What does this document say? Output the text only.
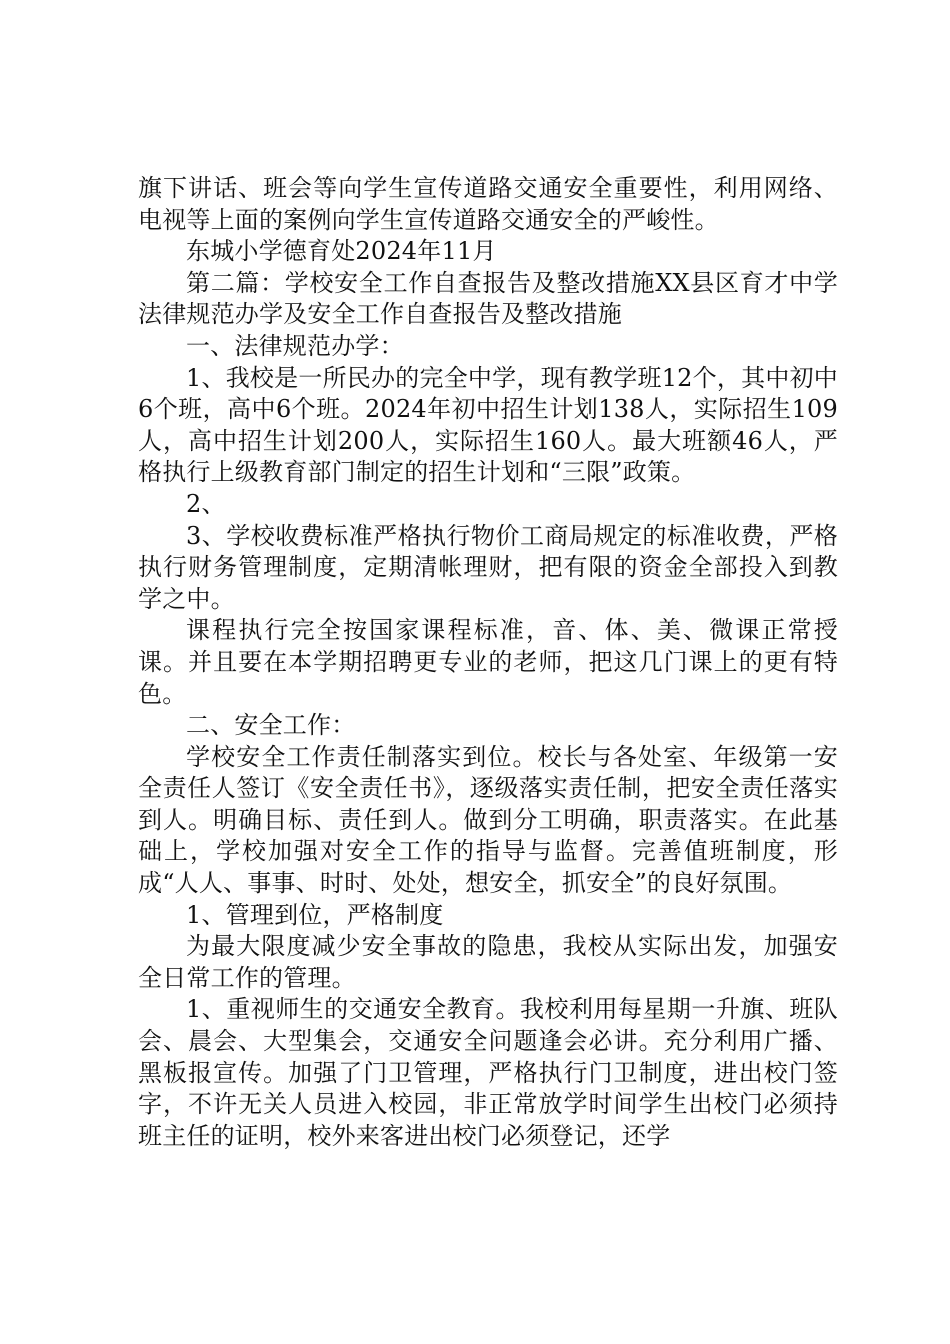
旗下讲话、班会等向学生宣传道路交通安全重要性，利用网络、电视等上面的案例向学生宣传道路交通安全的严峻性。

东城小学德育处2024年11月

第二篇：学校安全工作自查报告及整改措施XX县区育才中学法律规范办学及安全工作自查报告及整改措施

一、法律规范办学：

1、我校是一所民办的完全中学，现有教学班12个，其中初中6个班，高中6个班。2024年初中招生计划138人，实际招生109人，高中招生计划200人，实际招生160人。最大班额46人，严格执行上级教育部门制定的招生计划和“三限”政策。

2、

3、学校收费标准严格执行物价工商局规定的标准收费，严格执行财务管理制度，定期清帐理财，把有限的资金全部投入到教学之中。

课程执行完全按国家课程标准，音、体、美、微课正常授课。并且要在本学期招聘更专业的老师，把这几门课上的更有特色。

二、安全工作：

学校安全工作责任制落实到位。校长与各处室、年级第一安全责任人签订《安全责任书》，逐级落实责任制，把安全责任落实到人。明确目标、责任到人。做到分工明确，职责落实。在此基础上，学校加强对安全工作的指导与监督。完善值班制度，形成“人人、事事、时时、处处，想安全，抓安全”的良好氛围。

1、管理到位，严格制度

为最大限度减少安全事故的隐患，我校从实际出发，加强安全日常工作的管理。

1、重视师生的交通安全教育。我校利用每星期一升旗、班队会、晨会、大型集会，交通安全问题逢会必讲。充分利用广播、黑板报宣传。加强了门卫管理，严格执行门卫制度，进出校门签字，不许无关人员进入校园，非正常放学时间学生出校门必须持班主任的证明，校外来客进出校门必须登记，还学
